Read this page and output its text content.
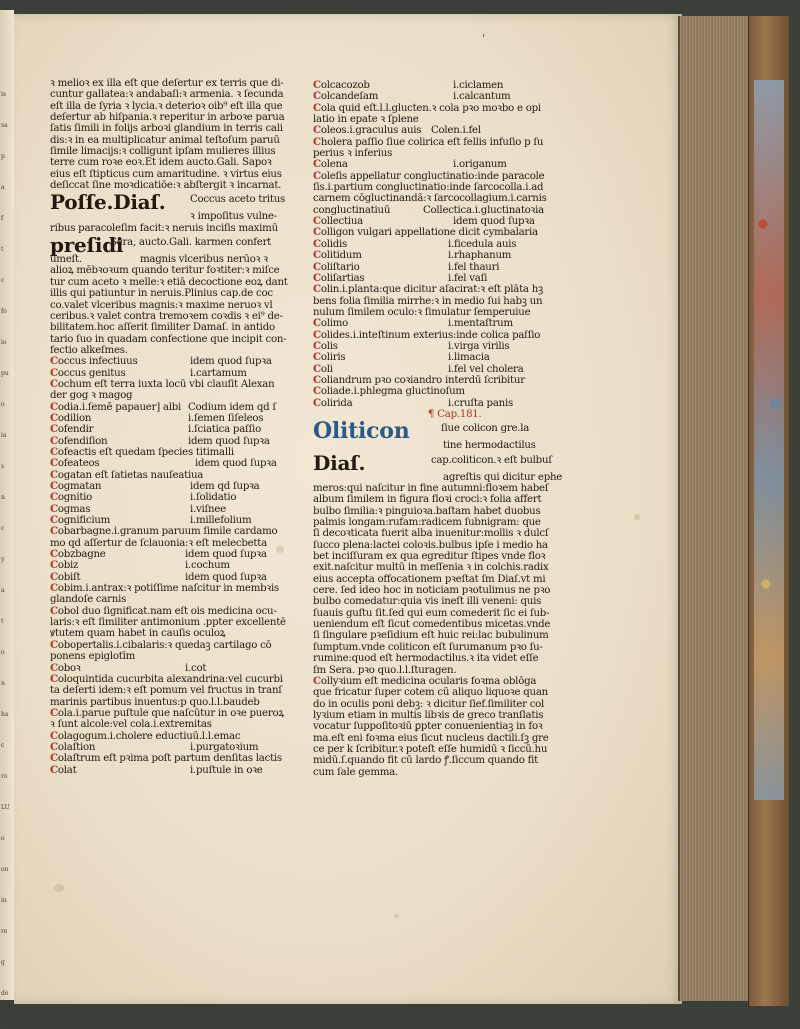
is
sa
p
a
f
t
c
fo
io
pu
o
ia
s
n
c
y
a
t
o
n
ha
c
ro
LU
o
on
in
re
g
de
a
'
ꝛ melioꝛ ex illa eſt que deſertur ex terris que di-
cuntur gallatea:ꝛ andabaſi:ꝛ armenia. ꝛ ſecunda
eſt illa de ſyria ꝛ lycia.ꝛ deterioꝛ oib⁹ eſt illa que
deſertur ab hiſpania.ꝛ reperitur in arboꝛe parua
ſatis ſimili in folijs arboꝛi glandium in terris cali
dis:ꝛ in ea multiplicatur animal teſtoſum paruū
ſimile limacijs:ꝛ colligunt ipſam mulieres illius
terre cum roꝛe eoꝛ.Et idem aucto.Gali. Sapoꝛ
eius eſt ſtipticus cum amaritudine. ꝛ virtus eius
deſiccat ſine moꝛdicatiōe:ꝛ abſtergit ꝛ incarnat.
Poſſe.Diaſ. Coccus aceto tritus
ꝛ impoſitus vulne-
ribus paracoleſim facit:ꝛ neruis inciſis maximū
preſidi
Sera, aucto.Gali. karmen confert
umeſt.	magnis vlceribus nerūoꝛ ꝛ
alioꝝ mēbꝛoꝛum quando teritur foꝛtiter:ꝛ miſce
tur cum aceto ꝛ melle:ꝛ etiā decoctione eoꝝ dant
illis qui patiuntur in neruis.Plinius cap.de coc
co.valet vlceribus magnis:ꝛ maxime neruoꝛ vl
ceribus.ꝛ valet contra tremoꝛem coꝛdis ꝛ ei⁹ de-
bilitatem.hoc aſſerit ſimiliter Damaſ. in antido
tario ſuo in quadam confectione que incipit con-
fectio alkeſmes.
Coccus infectiuus	idem quod ſupꝛa
Coccus genitus	i.cartamum
Cochum eſt terra iuxta locū vbi clauſit Alexan
der gog ꝛ magog
Codia.i.ſemē papauer] albi Codium idem qd ſ
Codilion	i.ſemen ſiſeleos
Cofendir	i.ſciatica paſſio
Cofendiſion	idem quod ſupꝛa
Cofeactis eſt quedam ſpecies titimalli
Cofeateos	idem quod ſupꝛa
Cogatan eſt ſatietas nauſeatiua
Cogmatan	idem qd ſupꝛa
Cognitio	i.ſolidatio
Cogmas	i.viſnee
Cognificium	i.millefolium
Cobarbagne.i.granum paruum ſimile cardamo
mo qd aſſertur de ſclauonia:ꝛ eſt melecbetta
Cobzbagne	idem quod ſupꝛa
Cobiz	i.cochum
Cobiſt	idem quod ſupꝛa
Cobim.i.antrax:ꝛ potiſſime naſcitur in membꝛis
glandoſe carnis
Cobol duo ſignificat.nam eſt ois medicina ocu-
laris:ꝛ eſt ſimiliter antimonium .ppter excellentē
ꝟtutem quam habet in cauſis oculoꝝ
Cobopertalis.i.cibalaris:ꝛ quedaꝫ cartilago cō
ponens epiglotīm
Coboꝛ	i.cot
Coloquintida cucurbita alexandrina:vel cucurbi
ta deſerti idem:ꝛ eſt pomum vel fructus in tranſ
marinis partibus inuentus:p quo.l.l.baudeb
Cola.i.parue puſtule que naſcūtur in oꝛe pueroꝝ
ꝛ ſunt alcole:vel cola.i.extremitas
Colagogum.i.cholere eductiuū.l.l.emac
Colaſtion	i.purgatoꝛium
Colaſtrum eſt pꝛima poſt partum denſitas lactis
Colat	i.puſtule in oꝛe
Colcacozob	i.ciclamen
Colcandeſam	i.calcantum
Cola quid eſt.l.l.glucten.ꝛ cola pꝛo moꝛbo e opi
latio in epate ꝛ ſplene
Coleos.i.graculus auis Colen.i.fel
Cholera paſſio ſiue colirica eſt fellis infuſio p ſu
perius ꝛ inferius
Colena	i.origanum
Coleſis appellatur congluctinatio:inde paracole
ſis.i.partium congluctinatio:inde ſarcocolla.i.ad
carnem cōgluctinandā:ꝛ ſarcocollagium.i.carnis
congluctinatiuū	Collectica.i.gluctinatoꝛia
Collectiua	idem quod ſupꝛa
Colligon vulgari appellatione dicit cymbalaria
Colidis	i.ficedula auis
Colitidum	i.rhaphanum
Coliſtario	i.fel thauri
Coliſartias	i.fel vaſi
Colin.i.planta:que dicitur aſacirat:ꝛ eſt plāta hꝫ
bens folia ſimilia mirrhe:ꝛ in medio ſui habꝫ un
nulum ſimilem oculo:ꝛ ſimulatur ſemperuiue
Colimo	i.mentaſtrum
Colides.i.inteſtinum exterius:inde colica paſſio
Colis	i.virga virilis
Coliris	i.limacia
Coli	i.fel vel cholera
Coliandrum pꝛo coꝛiandro interdū ſcribitur
Coliade.i.phlegma gluctinoſum
Colirida	i.cruſta panis
¶ Cap.181.
Oliticon	ſiue colicon gre.la
tine hermodactilus
Diaſ.	cap.coliticon.ꝛ eſt bulbuſ
agreſtis qui dicitur ephe
meros:qui naſcitur in fine autumni:floꝛem habeſ
album ſimilem in figura floꝛi croci:ꝛ folia affert
bulbo ſimilia:ꝛ pinguioꝛa.baſtam habet duobus
palmis longam:rufam:radicem ſubnigram: que
ſi decoꝛticata fuerit alba inuenitur:mollis ꝛ dulcſ
ſucco plena:lactei coloꝛis.bulbus ipſe i medio ha
bet inciſſuram ex qua egreditur ſtipes vnde floꝛ
exit.naſcitur multū in meſſenia ꝛ in colchis.radix
eius accepta offocationem pꝛeſtat ſm Diaſ.vt mi
cere. ſed ideo hoc in noticiam pꝛotulimus ne pꝛo
bulbo comedatur:quia vis ineſt illi veneni: quis
ſuauis guſtu ſit.ſed qui eum comederit ſic ei ſub-
ueniendum eſt ſicut comedentibus micetas.vnde
ſi ſingulare pꝛeſidium eſt huic rei:lac bubulinum
ſumptum.vnde coliticon eſt ſurumanum pꝛo ſu-
rumine:quod eſt hermodactilus.ꝛ ita videt eſſe
ſm Sera. pꝛo quo.l.l.ſturagen.
Collyꝛium eſt medicina ocularis foꝛma oblōga
que fricatur ſuper cotem cū aliquo liquoꝛe quan
do in oculis poni debꝫ: ꝛ dicitur ſief.ſimiliter col
lyꝛium etiam in multis libꝛis de greco tranſlatis
vocatur ſuppoſitoꝛiū ꝑpter conuenientiaꝫ in foꝛ
ma.eſt eni foꝛma eius ſicut nucleus dactili.ſꝫ gre
ce per k ſcribitur.ꝛ poteſt eſſe humidū ꝛ ſiccū.hu
midū.ſ.quando fit cū lardo ꝭ.ſiccum quando fit
cum ſale gemma.
